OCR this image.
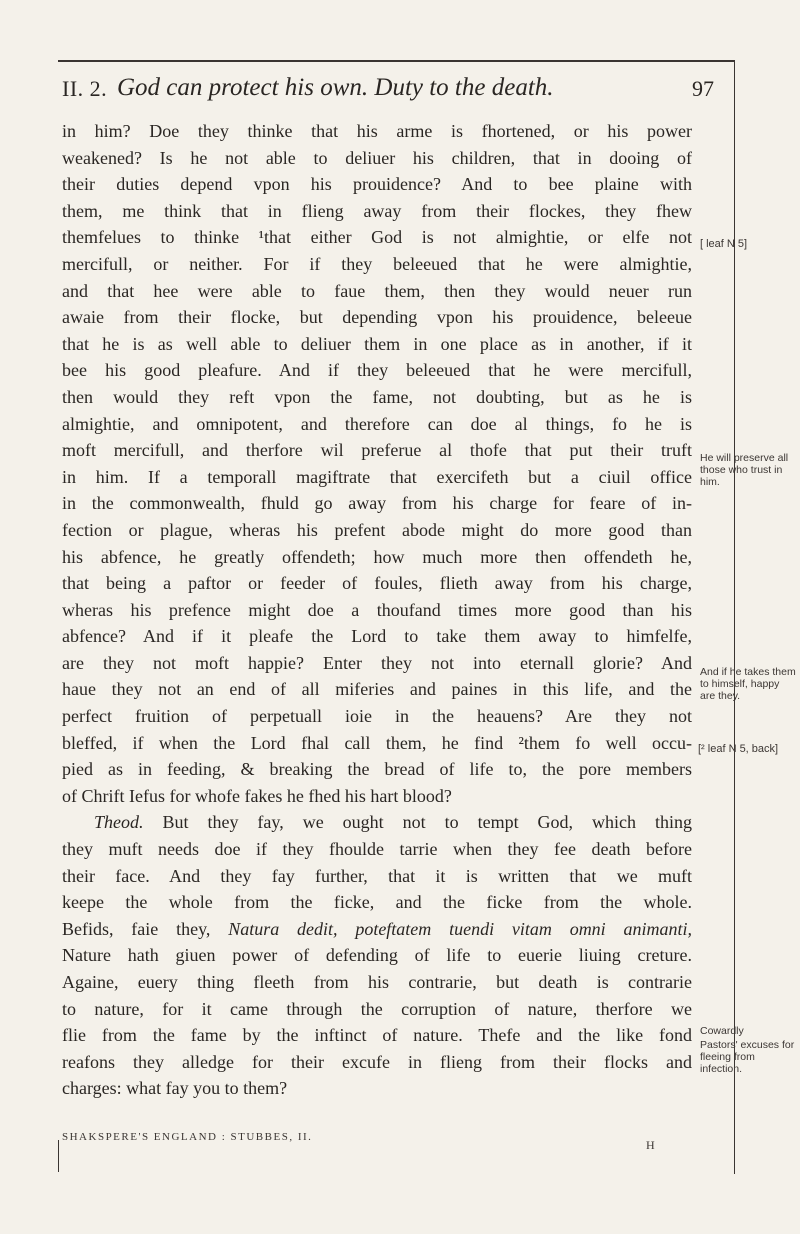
II. 2. God can protect his own. Duty to the death.	97
in him? Doe they thinke that his arme is fhortened, or his power
weakened? Is he not able to deliuer his children, that in dooing of
their duties depend vpon his prouidence? And to bee plaine with
them, me think that in flieng away from their flockes, they fhew
themfelues to thinke ¹that either God is not almightie, or elfe not
mercifull, or neither. For if they beleeued that he were almightie,
and that hee were able to faue them, then they would neuer run
awaie from their flocke, but depending vpon his prouidence, beleeue
that he is as well able to deliuer them in one place as in another, if it
bee his good pleafure. And if they beleeued that he were mercifull,
then would they reft vpon the fame, not doubting, but as he is
almightie, and omnipotent, and therefore can doe al things, fo he is
moft mercifull, and therfore wil preferue al thofe that put their truft
in him. If a temporall magiftrate that exercifeth but a ciuil office
in the commonwealth, fhuld go away from his charge for feare of in-
fection or plague, wheras his prefent abode might do more good than
his abfence, he greatly offendeth; how much more then offendeth he,
that being a paftor or feeder of foules, flieth away from his charge,
wheras his prefence might doe a thoufand times more good than his
abfence? And if it pleafe the Lord to take them away to himfelfe,
are they not moft happie? Enter they not into eternall glorie? And
haue they not an end of all miferies and paines in this life, and the
perfect fruition of perpetuall ioie in the heauens? Are they not
bleffed, if when the Lord fhal call them, he find ²them fo well occu-
pied as in feeding, & breaking the bread of life to, the pore members
of Chrift Iefus for whofe fakes he fhed his hart blood?
Theod. But they fay, we ought not to tempt God, which thing
they muft needs doe if they fhoulde tarrie when they fee death before
their face. And they fay further, that it is written that we muft
keepe the whole from the ficke, and the ficke from the whole.
Befids, faie they, Natura dedit, poteftatem tuendi vitam omni animanti,
Nature hath giuen power of defending of life to euerie liuing creture.
Againe, euery thing fleeth from his contrarie, but death is contrarie
to nature, for it came through the corruption of nature, therfore we
flie from the fame by the inftinct of nature. Thefe and the like fond
reafons they alledge for their excufe in flieng from their flocks and
charges: what fay you to them?
[ leaf N 5]
He will preserve all those who trust in him.
And if he takes them to himself, happy are they.
[² leaf N 5, back]
Cowardly
Pastors' excuses for fleeing from infection.
SHAKSPERE'S ENGLAND : STUBBES, II.
H
